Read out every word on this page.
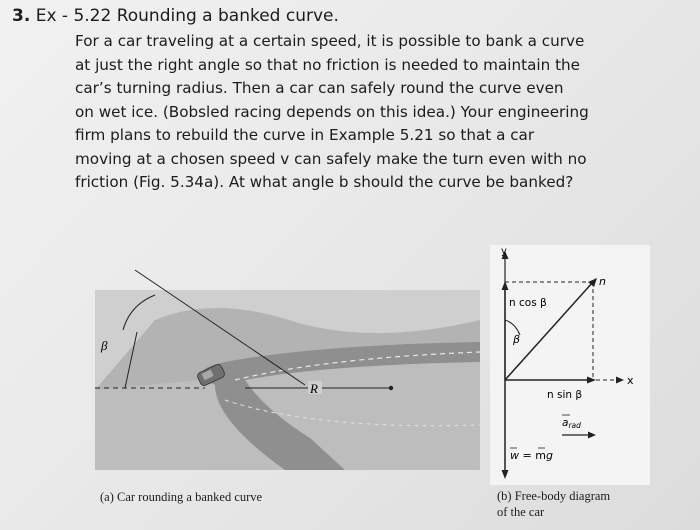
3. Ex - 5.22 Rounding a banked curve.

For a car traveling at a certain speed, it is possible to bank a curve
at just the right angle so that no friction is needed to maintain the
car’s turning radius. Then a car can safely round the curve even
on wet ice. (Bobsled racing depends on this idea.) Your engineering
firm plans to rebuild the curve in Example 5.21 so that a car
moving at a chosen speed v can safely make the turn even with no
friction (Fig. 5.34a). At what angle b should the curve be banked?

R
β
(a) Car rounding a banked curve
y
x
n
n cos β
β
n sin β
arad
w = mg
(b) Free-body diagram
of the car
